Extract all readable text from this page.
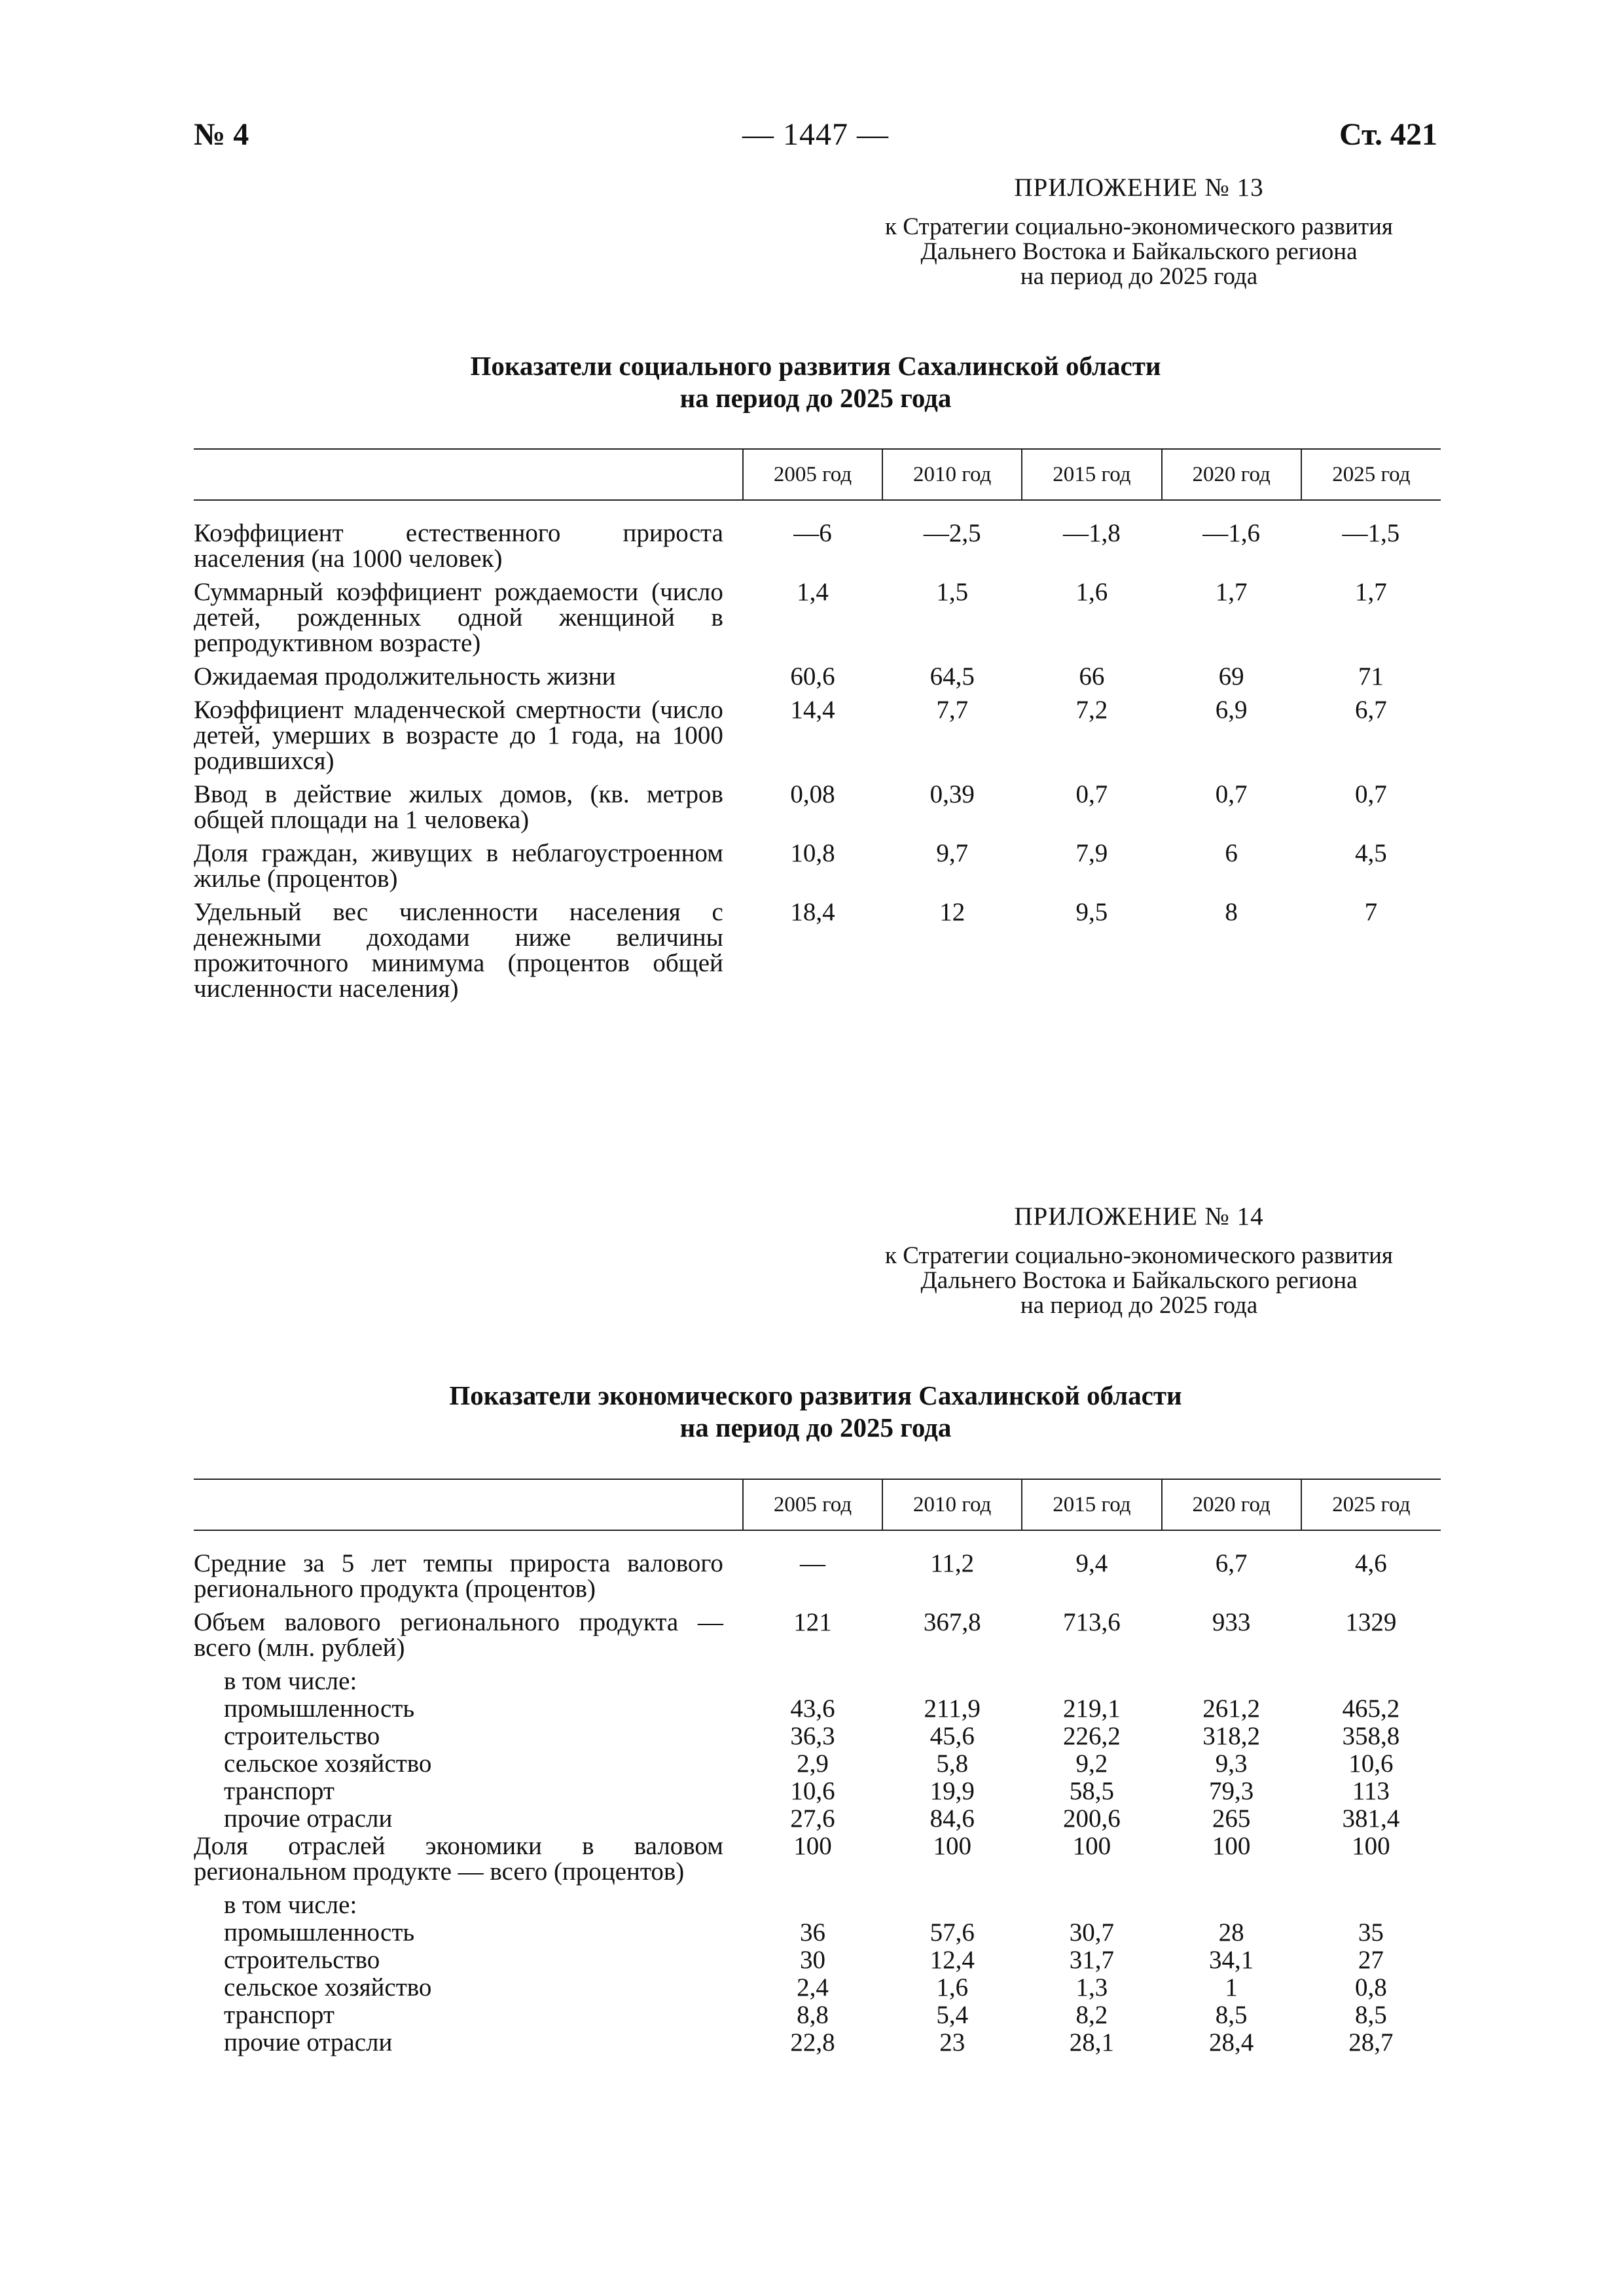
№ 4	— 1447 —	Ст. 421
ПРИЛОЖЕНИЕ № 13
к Стратегии социально-экономического развития
Дальнего Востока и Байкальского региона
на период до 2025 года
Показатели социального развития Сахалинской области
на период до 2025 года
	2005 год	2010 год	2015 год	2020 год	2025 год

Коэффициент естественного прироста населения (на 1000 человек)	—6	—2,5	—1,8	—1,6	—1,5
Суммарный коэффициент рождаемости (число детей, рожденных одной женщиной в репродуктивном возрасте)	1,4	1,5	1,6	1,7	1,7
Ожидаемая продолжительность жизни	60,6	64,5	66	69	71
Коэффициент младенческой смертности (число детей, умерших в возрасте до 1 года, на 1000 родившихся)	14,4	7,7	7,2	6,9	6,7
Ввод в действие жилых домов, (кв. метров общей площади на 1 человека)	0,08	0,39	0,7	0,7	0,7
Доля граждан, живущих в неблагоустроенном жилье (процентов)	10,8	9,7	7,9	6	4,5
Удельный вес численности населения с денежными доходами ниже величины прожиточного минимума (процентов общей численности населения)	18,4	12	9,5	8	7
ПРИЛОЖЕНИЕ № 14
к Стратегии социально-экономического развития
Дальнего Востока и Байкальского региона
на период до 2025 года
Показатели экономического развития Сахалинской области
на период до 2025 года
	2005 год	2010 год	2015 год	2020 год	2025 год

Средние за 5 лет темпы прироста валового регионального продукта (процентов)	—	11,2	9,4	6,7	4,6
Объем валового регионального продукта — всего (млн. рублей)	121	367,8	713,6	933	1329
в том числе:					
промышленность	43,6	211,9	219,1	261,2	465,2
строительство	36,3	45,6	226,2	318,2	358,8
сельское хозяйство	2,9	5,8	9,2	9,3	10,6
транспорт	10,6	19,9	58,5	79,3	113
прочие отрасли	27,6	84,6	200,6	265	381,4
Доля отраслей экономики в валовом региональном продукте — всего (процентов)	100	100	100	100	100
в том числе:					
промышленность	36	57,6	30,7	28	35
строительство	30	12,4	31,7	34,1	27
сельское хозяйство	2,4	1,6	1,3	1	0,8
транспорт	8,8	5,4	8,2	8,5	8,5
прочие отрасли	22,8	23	28,1	28,4	28,7
